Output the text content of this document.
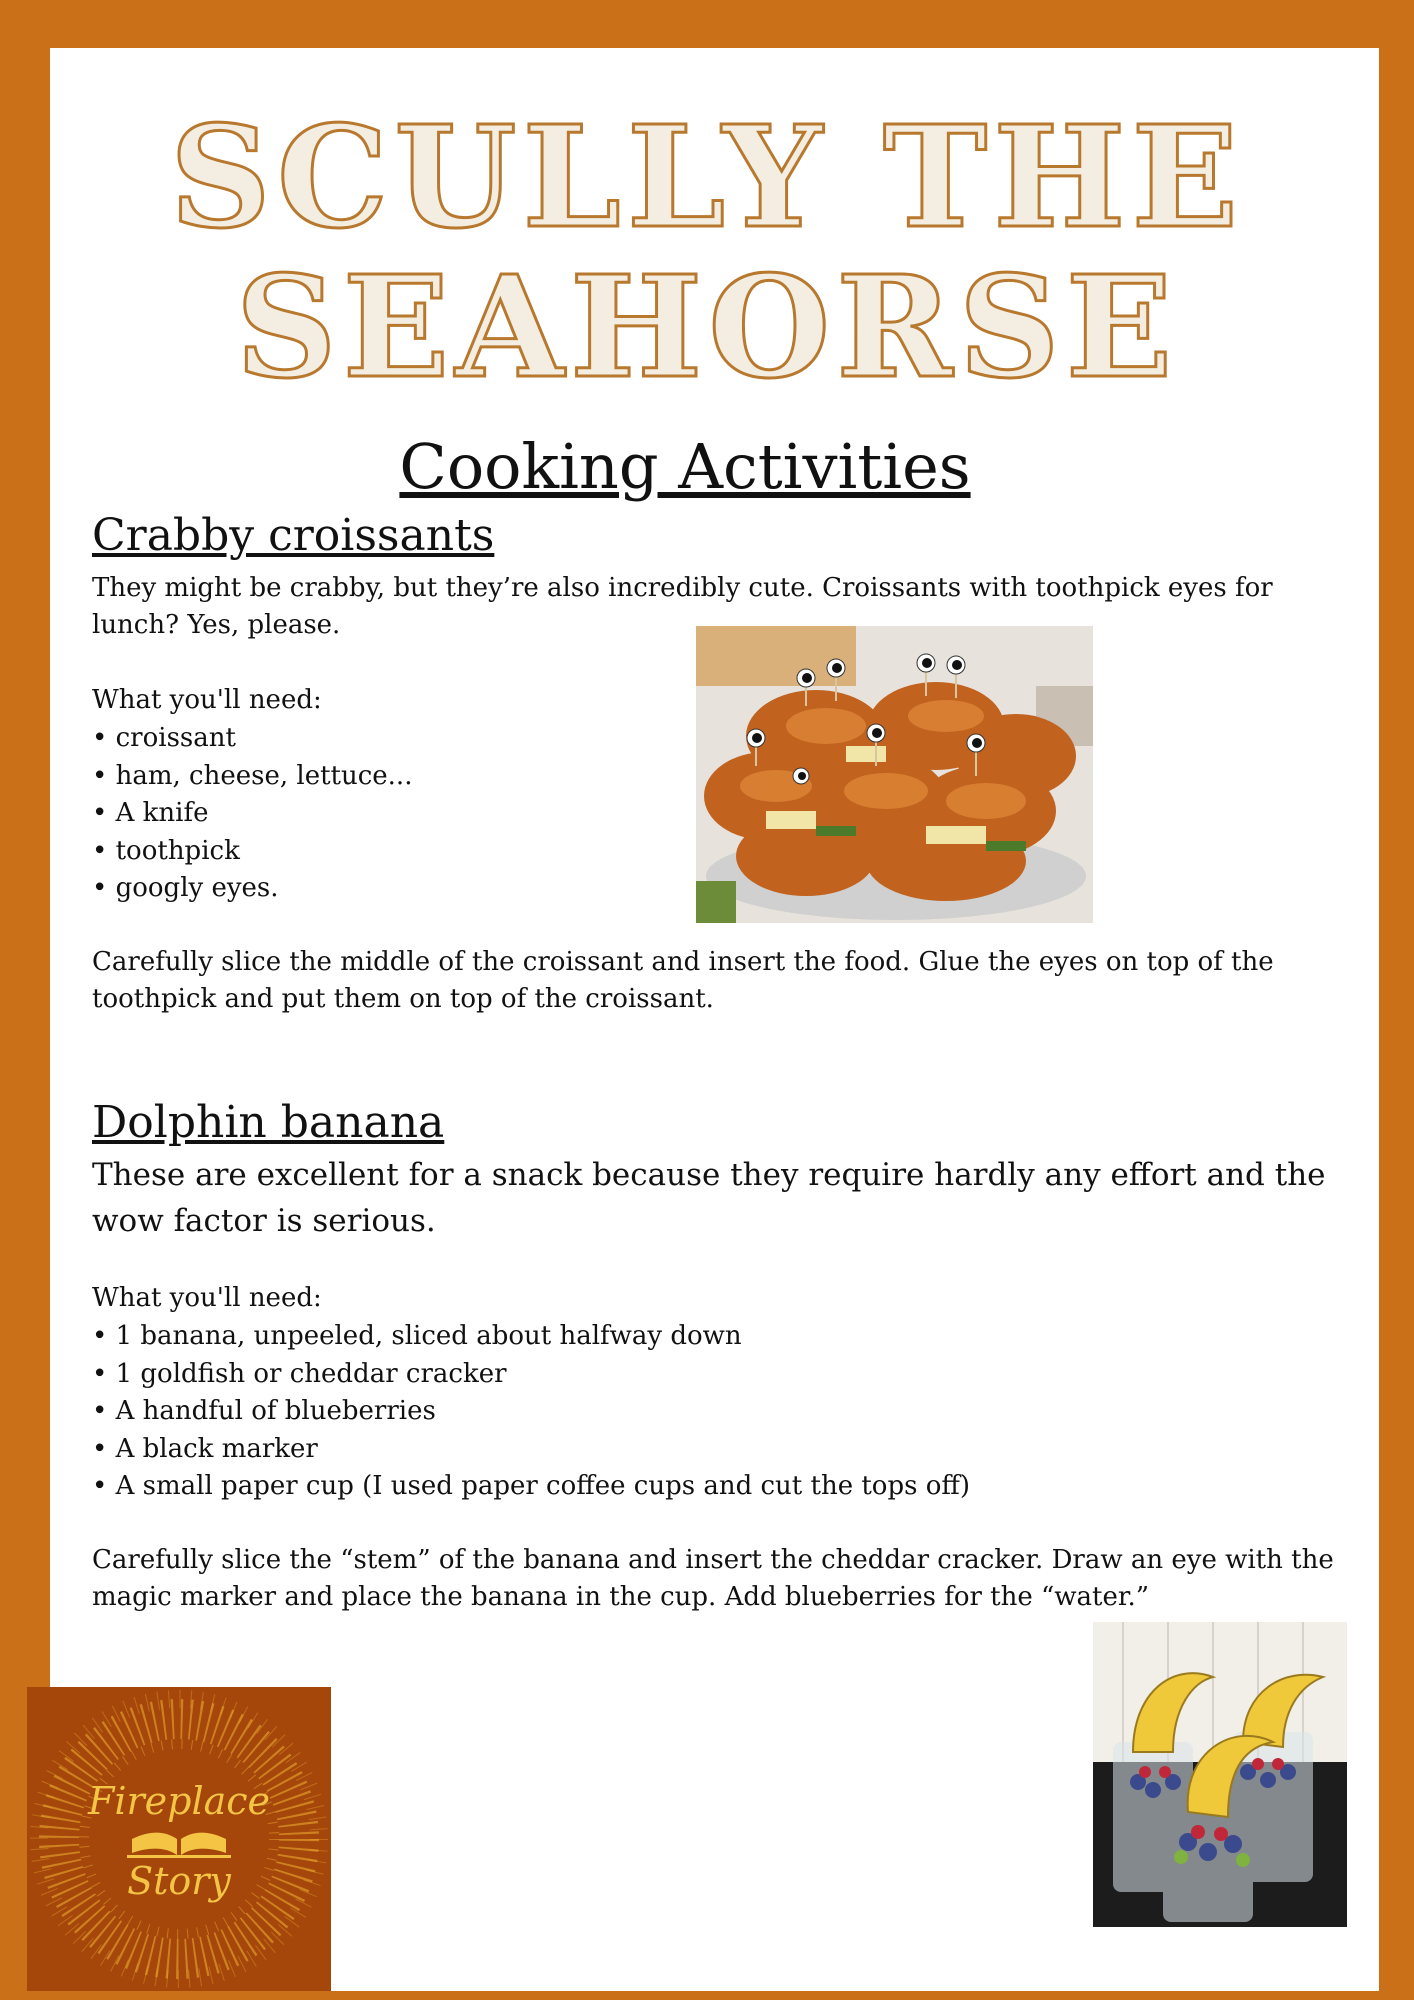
SCULLY THE
SEAHORSE
Cooking Activities
Crabby croissants

They might be crabby, but they’re also incredibly cute. Croissants with toothpick eyes for
lunch? Yes, please.

What you'll need:

• croissant
• ham, cheese, lettuce...
• A knife
• toothpick
• googly eyes.

Carefully slice the middle of the croissant and insert the food. Glue the eyes on top of the
toothpick and put them on top of the croissant.

Dolphin banana

These are excellent for a snack because they require hardly any effort and the
wow factor is serious.

What you'll need:

• 1 banana, unpeeled, sliced about halfway down
• 1 goldfish or cheddar cracker
• A handful of blueberries
• A black marker
• A small paper cup (I used paper coffee cups and cut the tops off)

Carefully slice the “stem” of the banana and insert the cheddar cracker. Draw an eye with the
magic marker and place the banana in the cup. Add blueberries for the “water.”

Fireplace
Story
